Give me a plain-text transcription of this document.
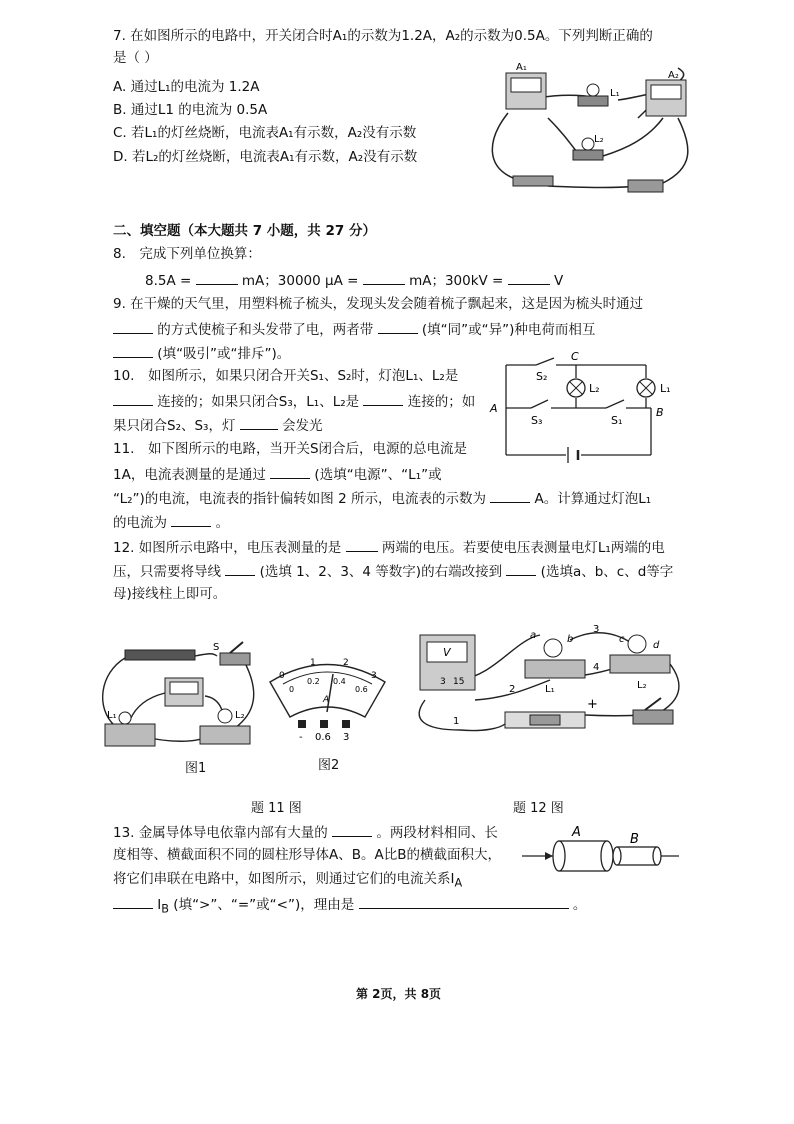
7. 在如图所示的电路中，开关闭合时A₁的示数为1.2A，A₂的示数为0.5A。下列判断正确的
是（ ）
A. 通过L₁的电流为 1.2A
B. 通过L1 的电流为 0.5A
C. 若L₁的灯丝烧断，电流表A₁有示数，A₂没有示数
D. 若L₂的灯丝烧断，电流表A₁有示数，A₂没有示数
A₁
A₂
L₁
L₂
二、填空题（本大题共 7 小题，共 27 分）
8.　完成下列单位换算：
8.5A =	mA；30000 μA =	mA；300kV =	V
9. 在干燥的天气里，用塑料梳子梳头，发现头发会随着梳子飘起来，这是因为梳头时通过
的方式使梳子和头发带了电，两者带	(填“同”或“异”)种电荷而相互
(填“吸引”或“排斥”)。
10.　如图所示，如果只闭合开关S₁、S₂时，灯泡L₁、L₂是
连接的；如果只闭合S₃，L₁、L₂是	连接的；如
果只闭合S₂、S₃，灯	会发光
C
S₂
L₂	L₁
A
S₃	S₁
B
11.　如下图所示的电路，当开关S闭合后，电源的总电流是
1A，电流表测量的是通过	(选填“电源”、“L₁”或
“L₂”)的电流，电流表的指针偏转如图 2 所示，电流表的示数为	A。计算通过灯泡L₁
的电流为	。
12. 如图所示电路中，电压表测量的是	两端的电压。若要使电压表测量电灯L₁两端的电
压，只需要将导线	(选填 1、2、3、4 等数字)的右端改接到	(选填a、b、c、d等字
母)接线柱上即可。
S
L₁	L₂
图1
0
1	2
3
0
0.2 0.4
0.6
A
- 0.6 3
图2
V
3 15
a	b	c
d
3
4
2
1
L₁	L₂
+
题 11 图	题 12 图
13. 金属导体导电依靠内部有大量的	。两段材料相同、长
度相等、横截面积不同的圆柱形导体A、B。A比B的横截面积大，
将它们串联在电路中，如图所示，则通过它们的电流关系$I_A$
$I_B$ (填“>”、“=”或“<”)，理由是	。
A	B
第 2页，共 8页
